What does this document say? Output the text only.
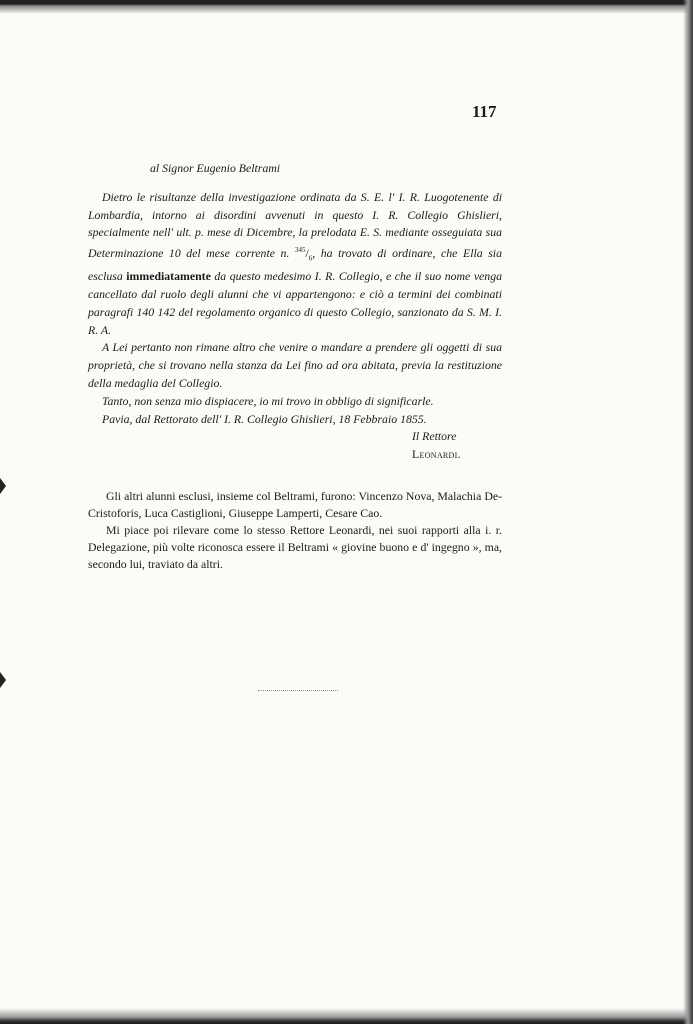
117
al Signor Eugenio Beltrami

Dietro le risultanze della investigazione ordinata da S. E. l' I. R. Luogotenente di Lombardia, intorno ai disordini avvenuti in questo I. R. Collegio Ghislieri, specialmente nell' ult. p. mese di Dicembre, la prelodata E. S. mediante osseguiata sua Determinazione 10 del mese corrente n. $^{345}/_6$, ha trovato di ordinare, che Ella sia esclusa immediatamente da questo medesimo I. R. Collegio, e che il suo nome venga cancellato dal ruolo degli alunni che vi appartengono: e ciò a termini dei combinati paragrafi 140 142 del regolamento organico di questo Collegio, sanzionato da S. M. I. R. A.

A Lei pertanto non rimane altro che venire o mandare a prendere gli oggetti di sua proprietà, che si trovano nella stanza da Lei fino ad ora abitata, previa la restituzione della medaglia del Collegio.

Tanto, non senza mio dispiacere, io mi trovo in obbligo di significarle.

Pavia, dal Rettorato dell' I. R. Collegio Ghislieri, 18 Febbraio 1855.

Il Rettore
Leonardi.

Gli altri alunni esclusi, insieme col Beltrami, furono: Vincenzo Nova, Malachia De-Cristoforis, Luca Castiglioni, Giuseppe Lamperti, Cesare Cao.

Mi piace poi rilevare come lo stesso Rettore Leonardi, nei suoi rapporti alla i. r. Delegazione, più volte riconosca essere il Beltrami « giovine buono e d' ingegno », ma, secondo lui, traviato da altri.
